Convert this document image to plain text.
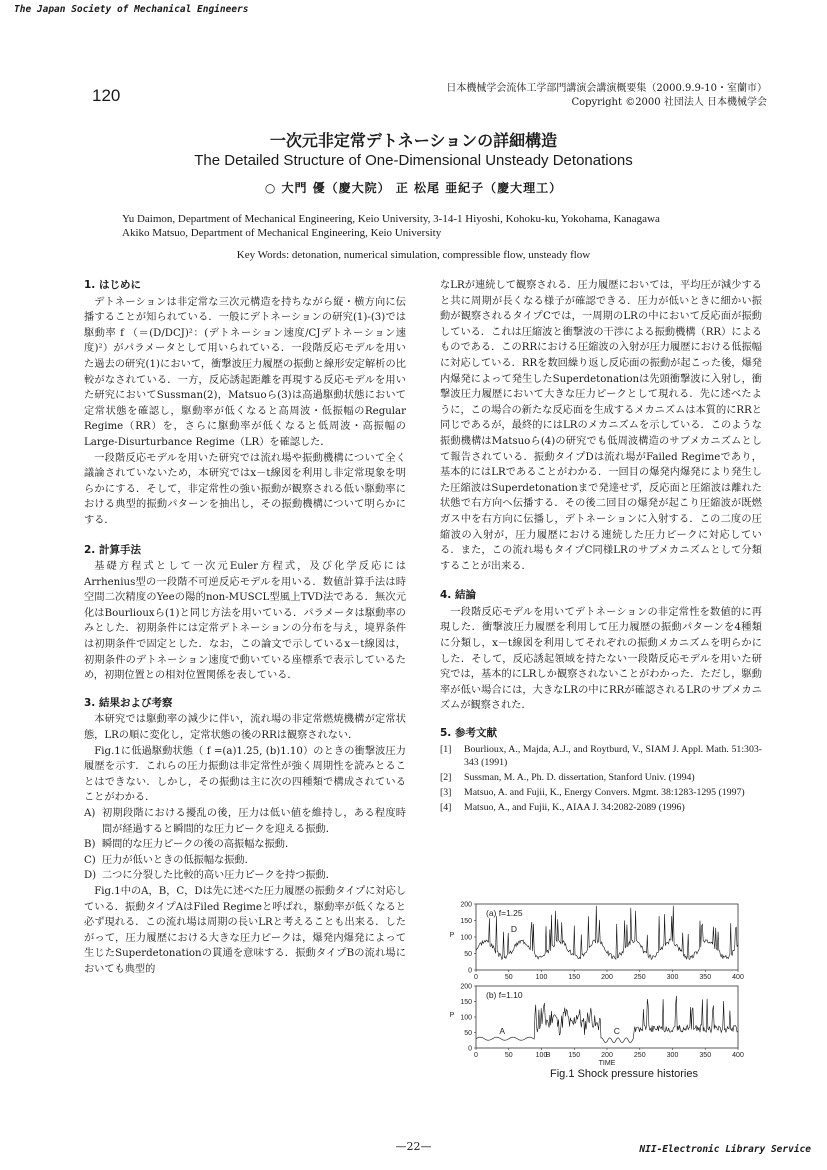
The Japan Society of Mechanical Engineers
120	日本機械学会流体工学部門講演会講演概要集（2000.9.9-10・室蘭市）
Copyright ©2000 社団法人 日本機械学会
一次元非定常デトネーションの詳細構造
The Detailed Structure of One-Dimensional Unsteady Detonations
○ 大門 優（慶大院） 正 松尾 亜紀子（慶大理工）
Yu Daimon, Department of Mechanical Engineering, Keio University, 3-14-1 Hiyoshi, Kohoku-ku, Yokohama, Kanagawa
Akiko Matsuo, Department of Mechanical Engineering, Keio University
Key Words: detonation, numerical simulation, compressible flow, unsteady flow
1. はじめに

デトネーションは非定常な三次元構造を持ちながら縦・横方向に伝播することが知られている．一般にデトネーションの研究(1)-(3)では駆動率 f （＝(D/DCJ)²：(デトネーション速度/CJデトネーション速度)²）がパラメータとして用いられている．一段階反応モデルを用いた過去の研究(1)において，衝撃波圧力履歴の振動と線形安定解析の比較がなされている．一方，反応誘起距離を再現する反応モデルを用いた研究においてSussman(2)，Matsuoら(3)は高過駆動状態において定常状態を確認し，駆動率が低くなると高周波・低振幅のRegular Regime（RR）を，さらに駆動率が低くなると低周波・高振幅のLarge-Disurturbance Regime（LR）を確認した．

一段階反応モデルを用いた研究では流れ場や振動機構について全く議論されていないため，本研究ではx－t線図を利用し非定常現象を明らかにする．そして，非定常性の強い振動が観察される低い駆動率における典型的振動パターンを抽出し，その振動機構について明らかにする．

2. 計算手法

基礎方程式として一次元Euler方程式，及び化学反応にはArrhenius型の一段階不可逆反応モデルを用いる．数値計算手法は時空間二次精度のYeeの陽的non-MUSCL型風上TVD法である．無次元化はBourliouxら(1)と同じ方法を用いている．パラメータは駆動率のみとした．初期条件には定常デトネーションの分布を与え，境界条件は初期条件で固定とした．なお，この論文で示しているx－t線図は，初期条件のデトネーション速度で動いている座標系で表示しているため，初期位置との相対位置関係を表している．

3. 結果および考察

本研究では駆動率の減少に伴い，流れ場の非定常燃焼機構が定常状態，LRの順に変化し，定常状態の後のRRは観察されない．

Fig.1に低過駆動状態（ f =(a)1.25, (b)1.10）のときの衝撃波圧力履歴を示す．これらの圧力振動は非定常性が強く周期性を読みとることはできない．しかし，その振動は主に次の四種類で構成されていることがわかる．

A) 初期段階における擾乱の後，圧力は低い値を維持し，ある程度時間が経過すると瞬間的な圧力ピークを迎える振動．
B) 瞬間的な圧力ピークの後の高振幅な振動．
C) 圧力が低いときの低振幅な振動．
D) 二つに分裂した比較的高い圧力ピークを持つ振動．

Fig.1中のA，B，C，Dは先に述べた圧力履歴の振動タイプに対応している．振動タイプAはFiled Regimeと呼ばれ，駆動率が低くなると必ず現れる．この流れ場は周期の長いLRと考えることも出来る．したがって，圧力履歴における大きな圧力ピークは，爆発内爆発によって生じたSuperdetonationの貫通を意味する．振動タイプBの流れ場においても典型的

なLRが連続して観察される．圧力履歴においては，平均圧が減少すると共に周期が長くなる様子が確認できる．圧力が低いときに細かい振動が観察されるタイプCでは，一周期のLRの中において反応面が振動している．これは圧縮波と衝撃波の干渉による振動機構（RR）によるものである．このRRにおける圧縮波の入射が圧力履歴における低振幅に対応している．RRを数回繰り返し反応面の振動が起こった後，爆発内爆発によって発生したSuperdetonationは先頭衝撃波に入射し，衝撃波圧力履歴において大きな圧力ピークとして現れる．先に述べたように，この場合の新たな反応面を生成するメカニズムは本質的にRRと同じであるが，最終的にはLRのメカニズムを示している．このような振動機構はMatsuoら(4)の研究でも低周波構造のサブメカニズムとして報告されている．振動タイプDは流れ場がFailed Regimeであり，基本的にはLRであることがわかる．一回目の爆発内爆発により発生した圧縮波はSuperdetonationまで発達せず，反応面と圧縮波は離れた状態で右方向へ伝播する．その後二回目の爆発が起こり圧縮波が既燃ガス中を右方向に伝播し，デトネーションに入射する．この二度の圧縮波の入射が，圧力履歴における連続した圧力ピークに対応している．また，この流れ場もタイプC同様LRのサブメカニズムとして分類することが出来る．

4. 結論

一段階反応モデルを用いてデトネーションの非定常性を数値的に再現した．衝撃波圧力履歴を利用して圧力履歴の振動パターンを4種類に分類し，x－t線図を利用してそれぞれの振動メカニズムを明らかにした．そして，反応誘起領域を持たない一段階反応モデルを用いた研究では，基本的にLRしか観察されないことがわかった．ただし，駆動率が低い場合には，大きなLRの中にRRが確認されるLRのサブメカニズムが観察された．

5. 参考文献
[1]	Bourlioux, A., Majda, A.J., and Roytburd, V., SIAM J. Appl. Math. 51:303-343 (1991)
[2]	Sussman, M. A., Ph. D. dissertation, Stanford Univ. (1994)
[3]	Matsuo, A. and Fujii, K., Energy Convers. Mgmt. 38:1283-1295 (1997)
[4]	Matsuo, A., and Fujii, K., AIAA J. 34:2082-2089 (1996)
0
50
100
150
200
0	50	100	150	200	250	300	350	400
P
(a) f=1.25
D
0
50
100
150
200
0	50	100	150	200	250	300	350	400
P
(b) f=1.10
A
B
C
TIME
Fig.1 Shock pressure histories
—22—	NII-Electronic Library Service
